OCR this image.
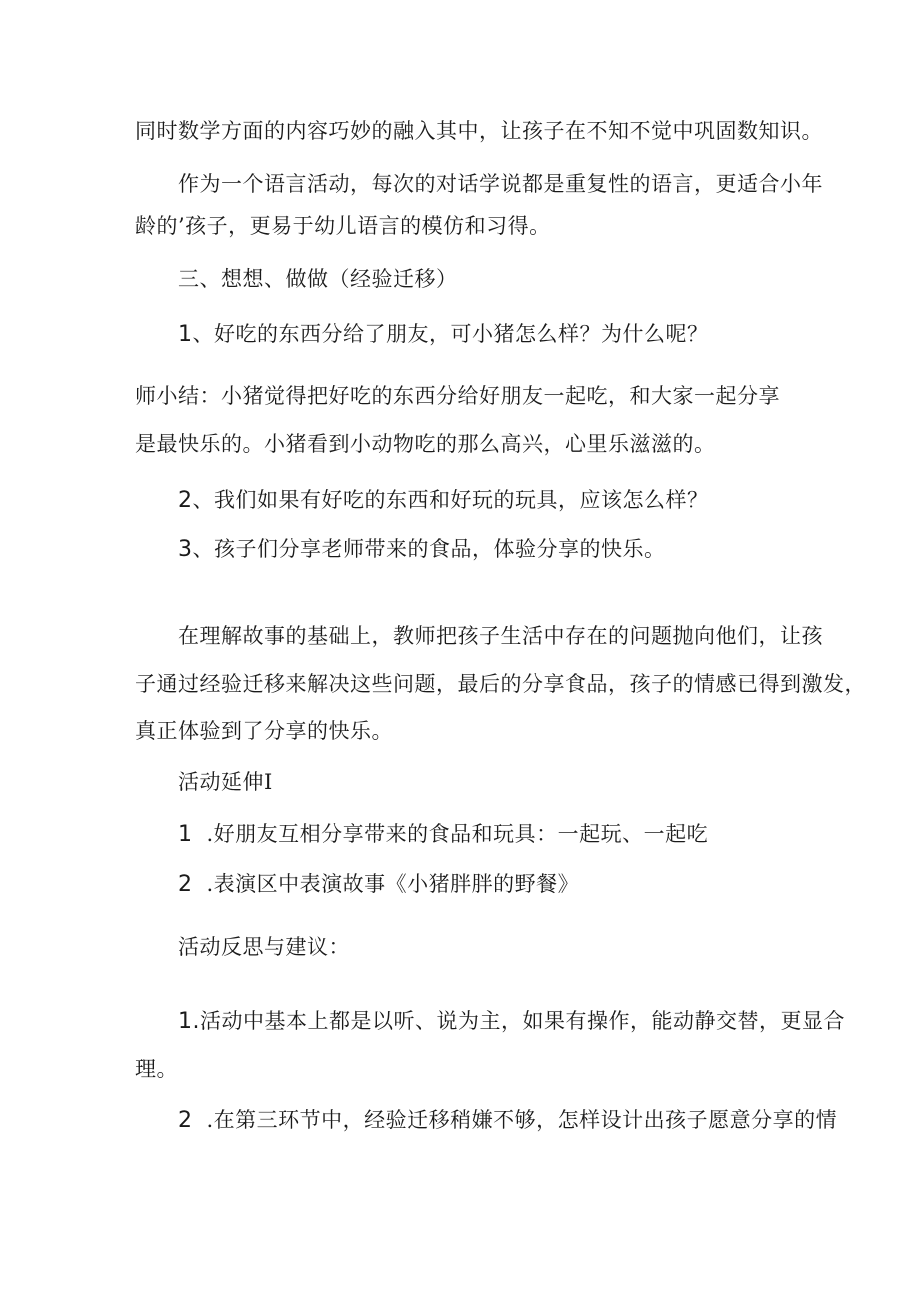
同时数学方面的内容巧妙的融入其中，让孩子在不知不觉中巩固数知识。
作为一个语言活动，每次的对话学说都是重复性的语言，更适合小年
龄的’孩子，更易于幼儿语言的模仿和习得。
三、想想、做做（经验迁移）
1、好吃的东西分给了朋友，可小猪怎么样？为什么呢？
师小结：小猪觉得把好吃的东西分给好朋友一起吃，和大家一起分享
是最快乐的。小猪看到小动物吃的那么高兴，心里乐滋滋的。
2、我们如果有好吃的东西和好玩的玩具，应该怎么样？
3、孩子们分享老师带来的食品，体验分享的快乐。
在理解故事的基础上，教师把孩子生活中存在的问题抛向他们，让孩
子通过经验迁移来解决这些问题，最后的分享食品，孩子的情感已得到激发，
真正体验到了分享的快乐。
活动延伸I
1 .好朋友互相分享带来的食品和玩具：一起玩、一起吃
2 .表演区中表演故事《小猪胖胖的野餐》
活动反思与建议：
1.活动中基本上都是以听、说为主，如果有操作，能动静交替，更显合
理。
2 .在第三环节中，经验迁移稍嫌不够，怎样设计出孩子愿意分享的情
